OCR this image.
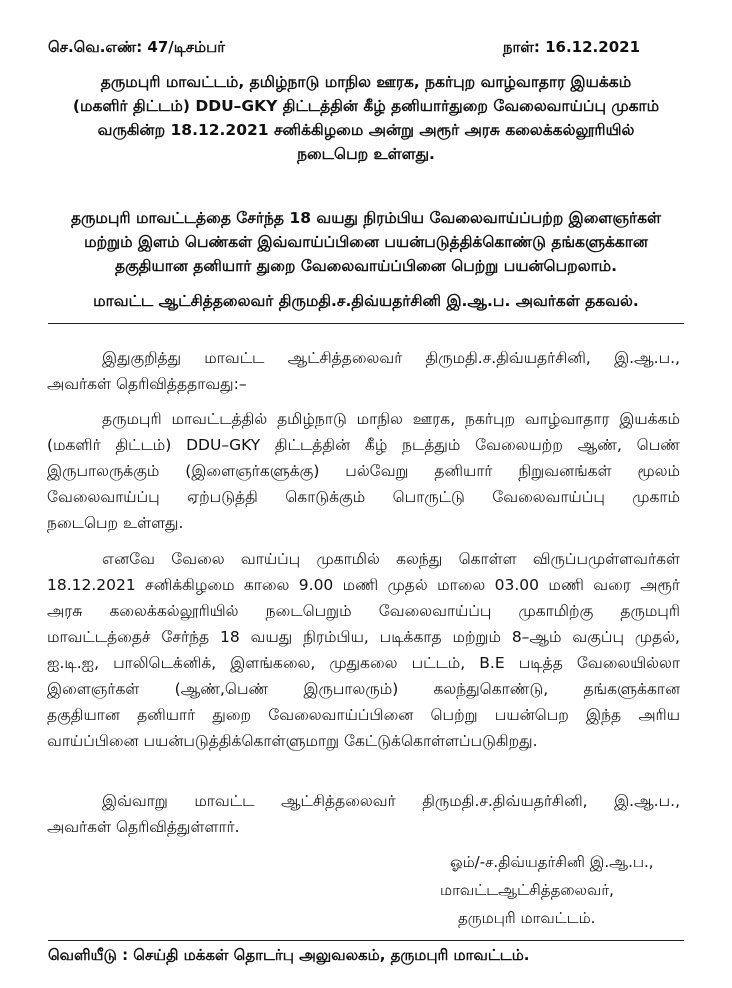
செ.வெ.எண்: 47/டிசம்பர்	நாள்: 16.12.2021

தருமபுரி மாவட்டம், தமிழ்நாடு மாநில ஊரக, நகர்புற வாழ்வாதார இயக்கம்

(மகளிர் திட்டம்) DDU–GKY திட்டத்தின் கீழ் தனியார்துறை வேலைவாய்ப்பு முகாம்

வருகின்ற 18.12.2021 சனிக்கிழமை அன்று அரூர் அரசு கலைக்கல்லூரியில்

நடைபெற உள்ளது.

தருமபுரி மாவட்டத்தை சேர்ந்த 18 வயது நிரம்பிய வேலைவாய்ப்பற்ற இளைஞர்கள்

மற்றும் இளம் பெண்கள் இவ்வாய்ப்பினை பயன்படுத்திக்கொண்டு தங்களுக்கான

தகுதியான தனியார் துறை வேலைவாய்ப்பினை பெற்று பயன்பெறலாம்.

மாவட்ட ஆட்சித்தலைவர் திருமதி.ச.திவ்யதர்சினி இ.ஆ.ப. அவர்கள் தகவல்.
இதுகுறித்து மாவட்ட ஆட்சித்தலைவர் திருமதி.ச.திவ்யதர்சினி, இ.ஆ.ப.,
அவர்கள் தெரிவித்ததாவது:–
தருமபுரி மாவட்டத்தில் தமிழ்நாடு மாநில ஊரக, நகர்புற வாழ்வாதார இயக்கம்
(மகளிர் திட்டம்) DDU–GKY திட்டத்தின் கீழ் நடத்தும் வேலையற்ற ஆண், பெண்
இருபாலருக்கும் (இளைஞர்களுக்கு) பல்வேறு தனியார் நிறுவனங்கள் மூலம்
வேலைவாய்ப்பு ஏற்படுத்தி கொடுக்கும் பொருட்டு வேலைவாய்ப்பு முகாம்
நடைபெற உள்ளது.
எனவே வேலை வாய்ப்பு முகாமில் கலந்து கொள்ள விருப்பமுள்ளவர்கள்
18.12.2021 சனிக்கிழமை காலை 9.00 மணி முதல் மாலை 03.00 மணி வரை அரூர்
அரசு கலைக்கல்லூரியில் நடைபெறும் வேலைவாய்ப்பு முகாமிற்கு தருமபுரி
மாவட்டத்தைச் சேர்ந்த 18 வயது நிரம்பிய, படிக்காத மற்றும் 8–ஆம் வகுப்பு முதல்,
ஐ.டி.ஐ, பாலிடெக்னிக், இளங்கலை, முதுகலை பட்டம், B.E படித்த வேலையில்லா
இளைஞர்கள் (ஆண்,பெண் இருபாலரும்) கலந்துகொண்டு, தங்களுக்கான
தகுதியான தனியார் துறை வேலைவாய்ப்பினை பெற்று பயன்பெற இந்த அரிய
வாய்ப்பினை பயன்படுத்திக்கொள்ளுமாறு கேட்டுக்கொள்ளப்படுகிறது.
இவ்வாறு மாவட்ட ஆட்சித்தலைவர் திருமதி.ச.திவ்யதர்சினி, இ.ஆ.ப.,
அவர்கள் தெரிவித்துள்ளார்.
ஓம்/-ச.திவ்யதர்சினி இ.ஆ.ப.,
மாவட்டஆட்சித்தலைவர்,
தருமபுரி மாவட்டம்.
வெளியீடு : செய்தி மக்கள் தொடர்பு அலுவலகம், தருமபுரி மாவட்டம்.
